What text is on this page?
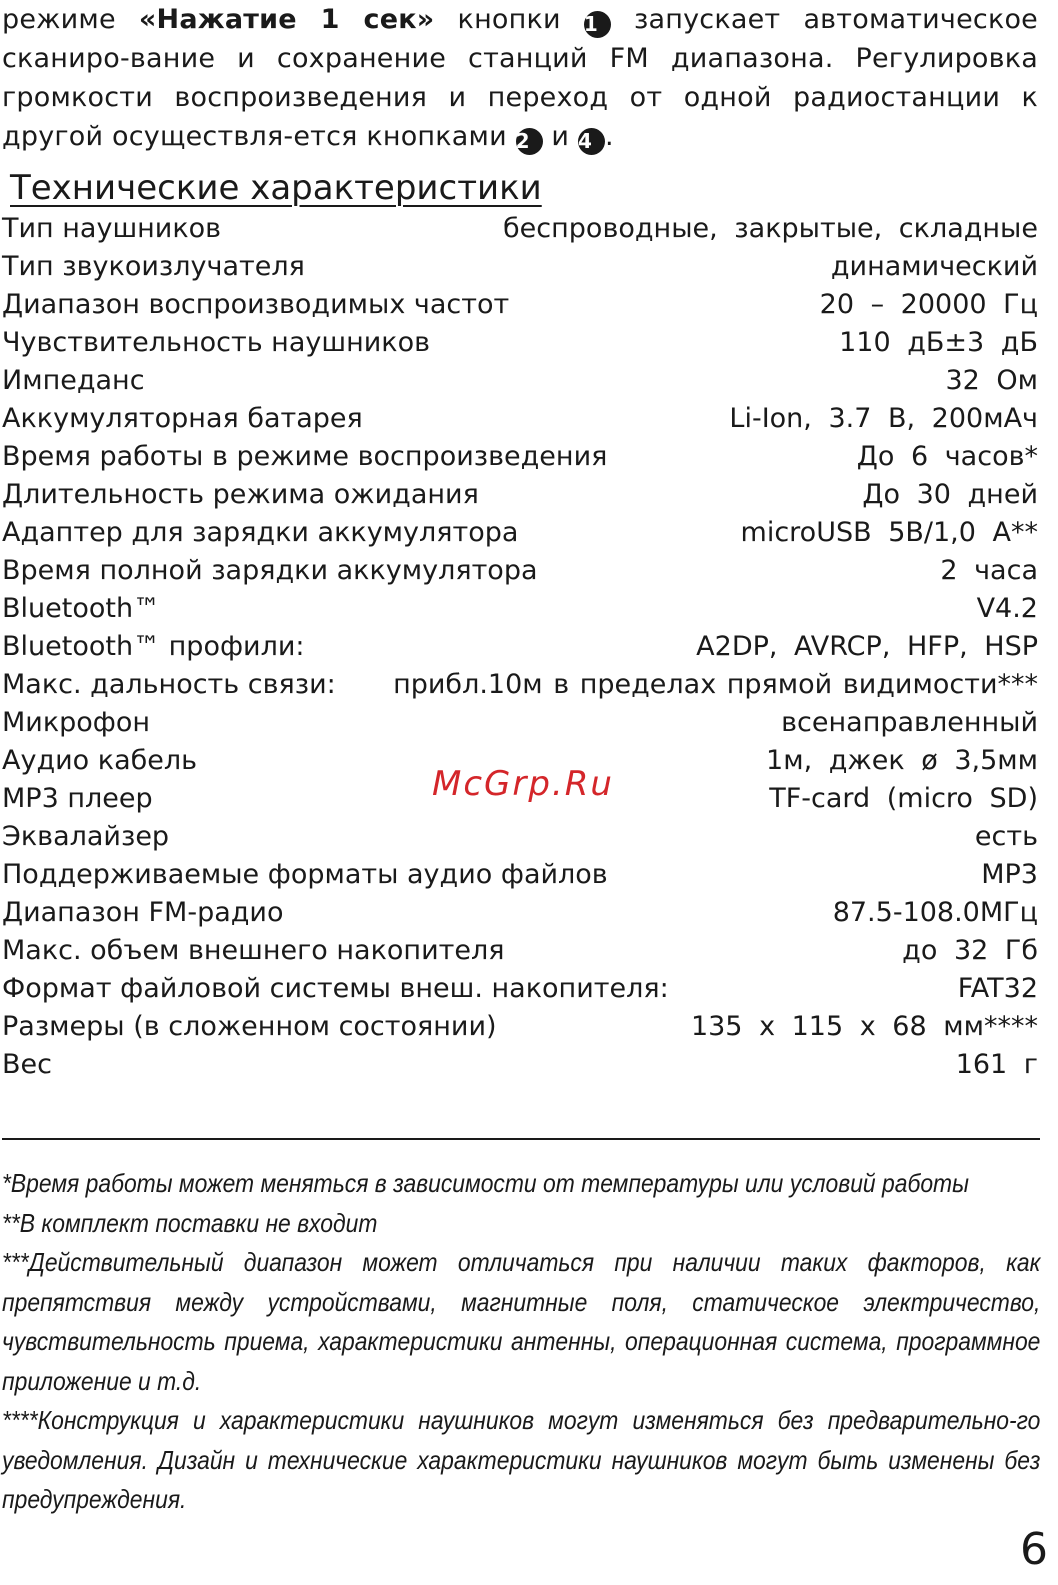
режиме «Нажатие 1 сек» кнопки 1 запускает автоматическое сканиро-вание и сохранение станций FM диапазона. Регулировка громкости воспроизведения и переход от одной радиостанции к другой осуществля-ется кнопками 2 и 4 .
Технические характеристики
Тип наушников	беспроводные, закрытые, складные
Тип звукоизлучателя	динамический
Диапазон воспроизводимых частот	20 – 20000 Гц
Чувствительность наушников	110 дБ±3 дБ
Импеданс	32 Ом
Аккумуляторная батарея	Li-Ion, 3.7 В, 200мАч
Время работы в режиме воспроизведения	До 6 часов*
Длительность режима ожидания	До 30 дней
Адаптер для зарядки аккумулятора	microUSB 5В/1,0 А**
Время полной зарядки аккумулятора	2 часа
Bluetooth™	V4.2
Bluetooth™ профили:	A2DP, AVRCP, HFP, HSP
Макс. дальность связи: прибл.10м в пределах прямой видимости***
Микрофон	всенаправленный
Аудио кабель	1м, джек ø 3,5мм
MP3 плеер	TF-card (micro SD)
Эквалайзер	есть
Поддерживаемые форматы аудио файлов	MP3
Диапазон FM-радио	87.5-108.0МГц
Макс. объем внешнего накопителя	до 32 Гб
Формат файловой системы внеш. накопителя:	FAT32
Размеры (в сложенном состоянии)	135 x 115 x 68 мм****
Вес	161 г
McGrp.Ru
*Время работы может меняться в зависимости от температуры или условий работы
**В комплект поставки не входит
***Действительный диапазон может отличаться при наличии таких факторов, как препятствия между устройствами, магнитные поля, статическое электричество, чувствительность приема, характеристики антенны, операционная система, программное приложение и т.д.
****Конструкция и характеристики наушников могут изменяться без предварительно-го уведомления. Дизайн и технические характеристики наушников могут быть изменены без предупреждения.
6
